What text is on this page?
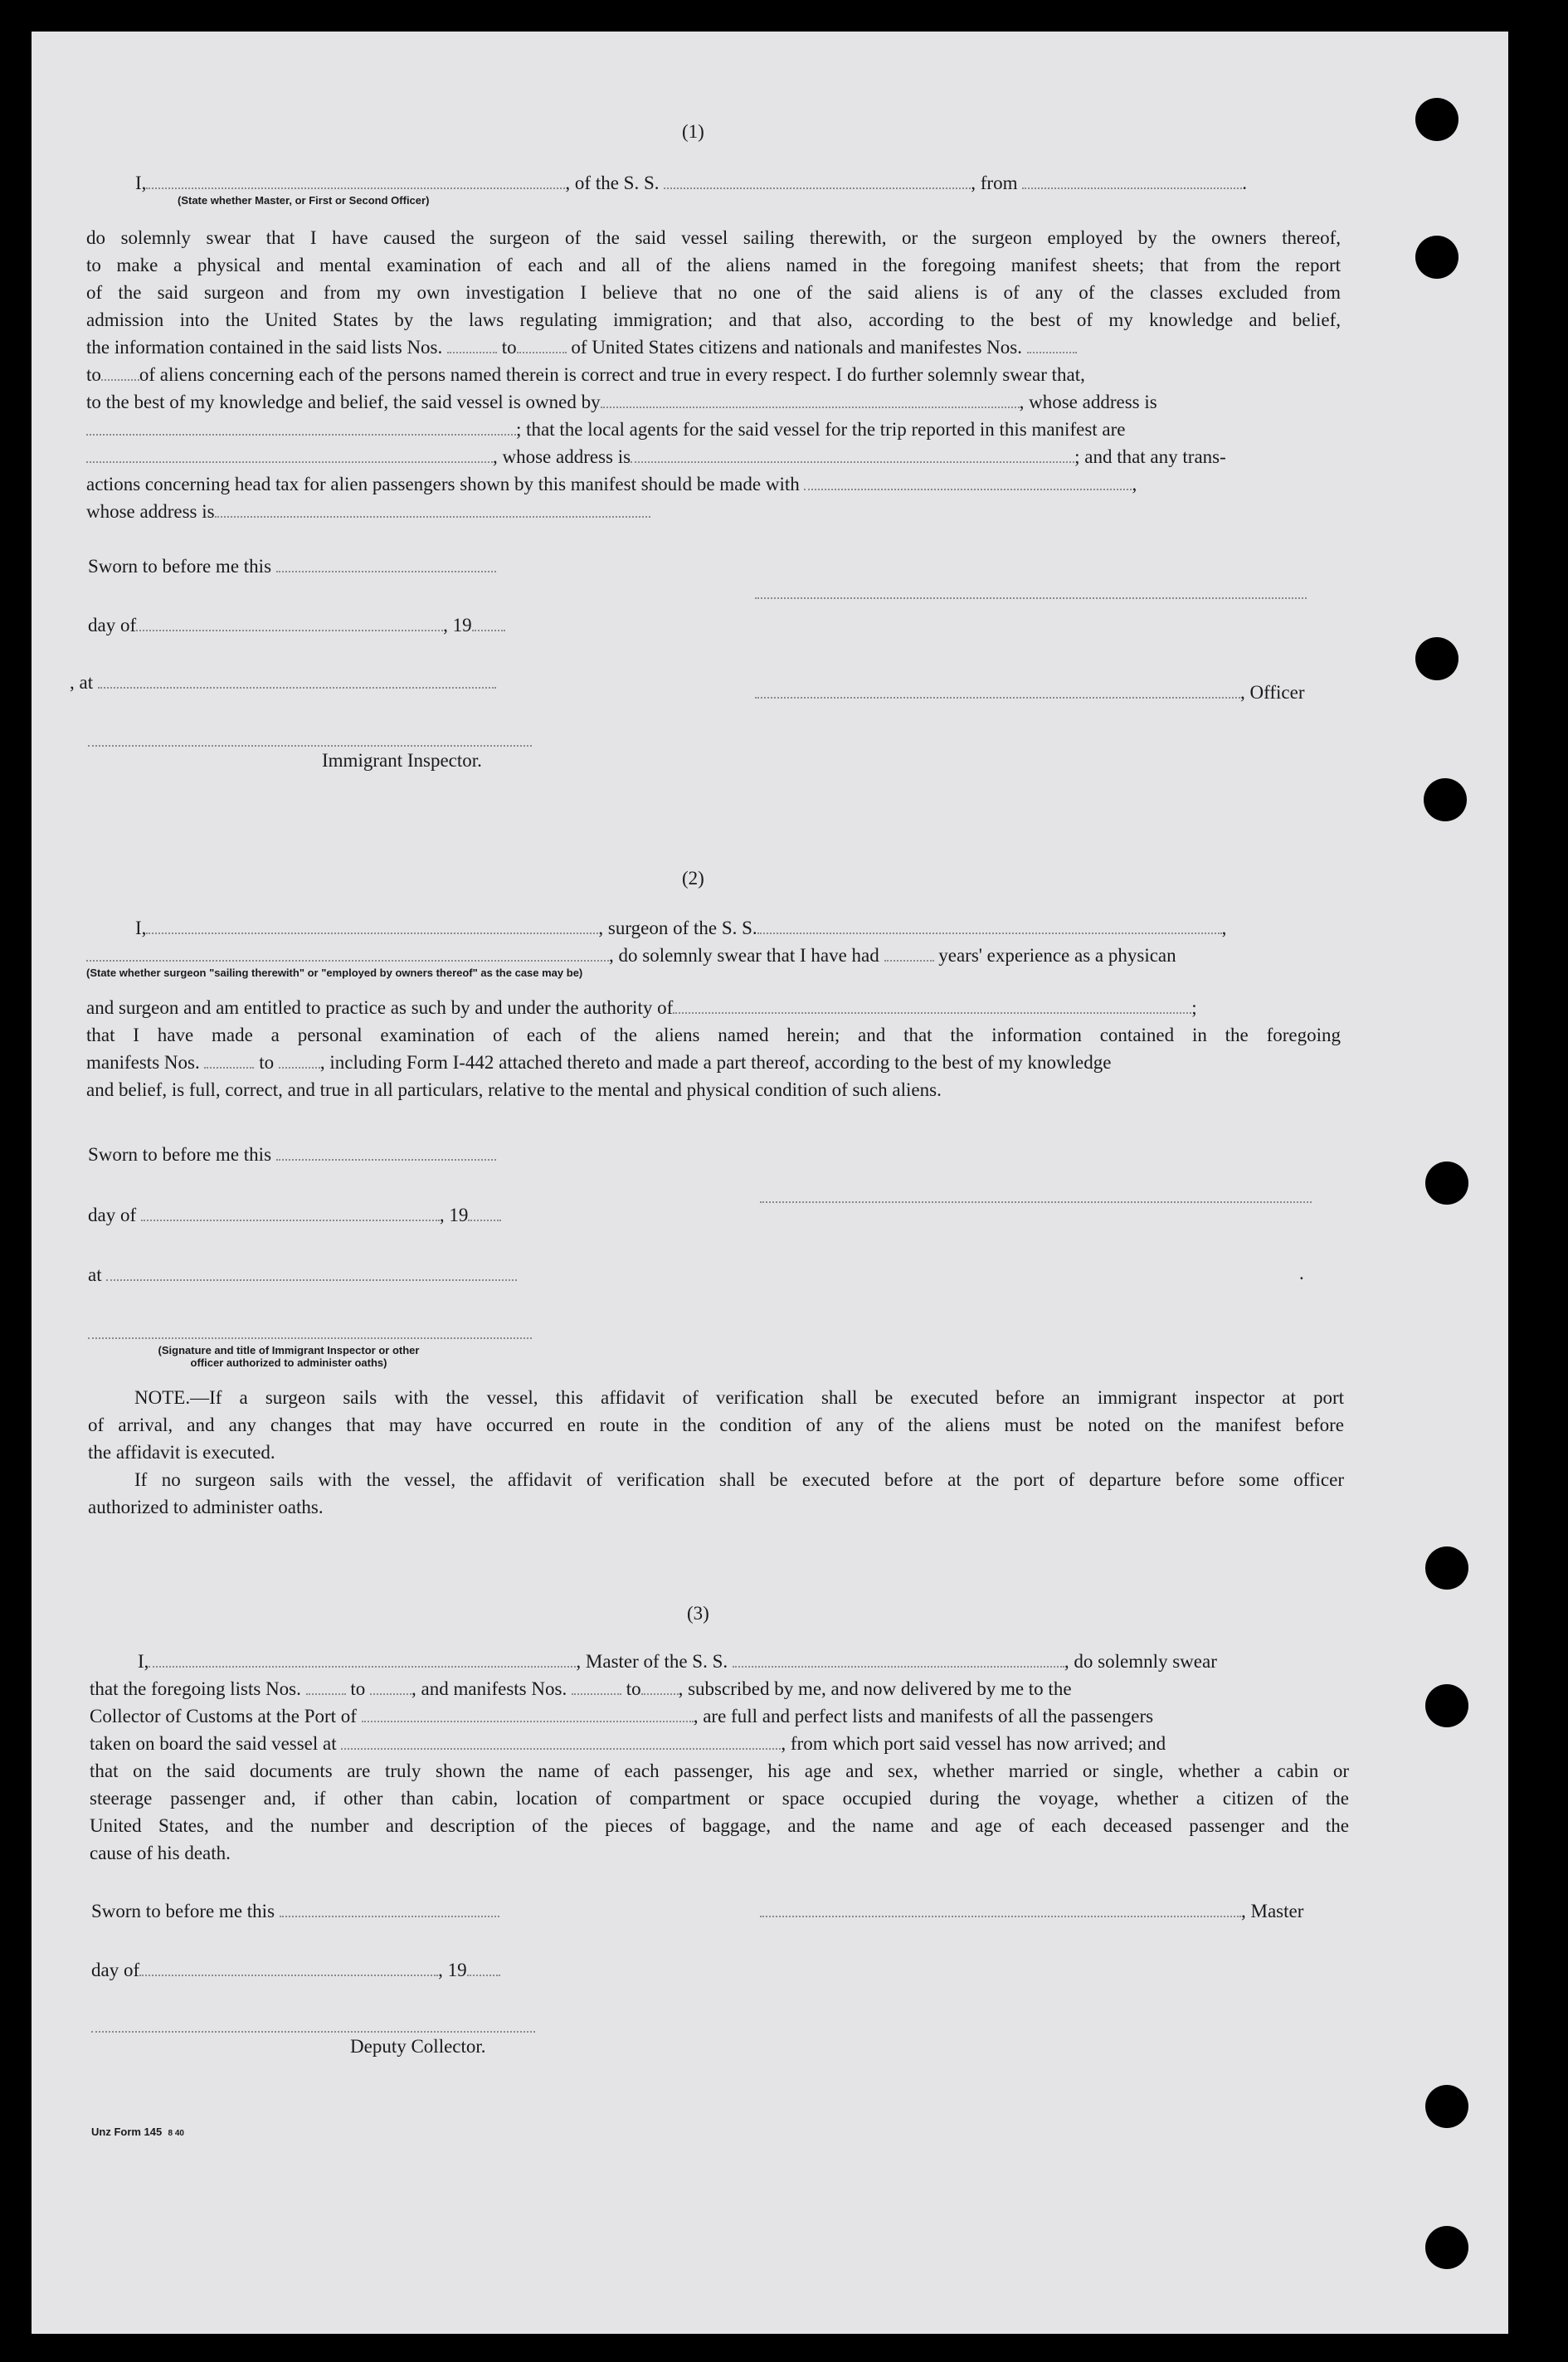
(1)
I,	, of the S. S.	, from	.
(State whether Master, or First or Second Officer)
do solemnly swear that I have caused the surgeon of the said vessel sailing therewith, or the surgeon employed by the owners thereof,
to make a physical and mental examination of each and all of the aliens named in the foregoing manifest sheets; that from the report
of the said surgeon and from my own investigation I believe that no one of the said aliens is of any of the classes excluded from
admission into the United States by the laws regulating immigration; and that also, according to the best of my knowledge and belief,
the information contained in the said lists Nos.	to	of United States citizens and nationals and manifestes Nos.
to of aliens concerning each of the persons named therein is correct and true in every respect. I do further solemnly swear that,
to the best of my knowledge and belief, the said vessel is owned by	, whose address is
; that the local agents for the said vessel for the trip reported in this manifest are
, whose address is	; and that any trans-
actions concerning head tax for alien passengers shown by this manifest should be made with	,
whose address is
Sworn to before me this
day of	, 19
, at	, Officer
Immigrant Inspector.
(2)
I,	, surgeon of the S. S.	,
, do solemnly swear that I have had	years' experience as a physican
(State whether surgeon "sailing therewith" or "employed by owners thereof" as the case may be)
and surgeon and am entitled to practice as such by and under the authority of	;
that I have made a personal examination of each of the aliens named herein; and that the information contained in the foregoing
manifests Nos.	to , including Form I-442 attached thereto and made a part thereof, according to the best of my knowledge
and belief, is full, correct, and true in all particulars, relative to the mental and physical condition of such aliens.
Sworn to before me this
day of	, 19
at	.
(Signature and title of Immigrant Inspector or other
officer authorized to administer oaths)
NOTE.—If a surgeon sails with the vessel, this affidavit of verification shall be executed before an immigrant inspector at port
of arrival, and any changes that may have occurred en route in the condition of any of the aliens must be noted on the manifest before
the affidavit is executed.
If no surgeon sails with the vessel, the affidavit of verification shall be executed before at the port of departure before some officer
authorized to administer oaths.
(3)
I,	, Master of the S. S.	, do solemnly swear
that the foregoing lists Nos.	to , and manifests Nos.	to , subscribed by me, and now delivered by me to the
Collector of Customs at the Port of	, are full and perfect lists and manifests of all the passengers
taken on board the said vessel at	, from which port said vessel has now arrived; and
that on the said documents are truly shown the name of each passenger, his age and sex, whether married or single, whether a cabin or
steerage passenger and, if other than cabin, location of compartment or space occupied during the voyage, whether a citizen of the
United States, and the number and description of the pieces of baggage, and the name and age of each deceased passenger and the
cause of his death.
Sworn to before me this	, Master
day of	, 19
Deputy Collector.
Unz Form 145 8 40
